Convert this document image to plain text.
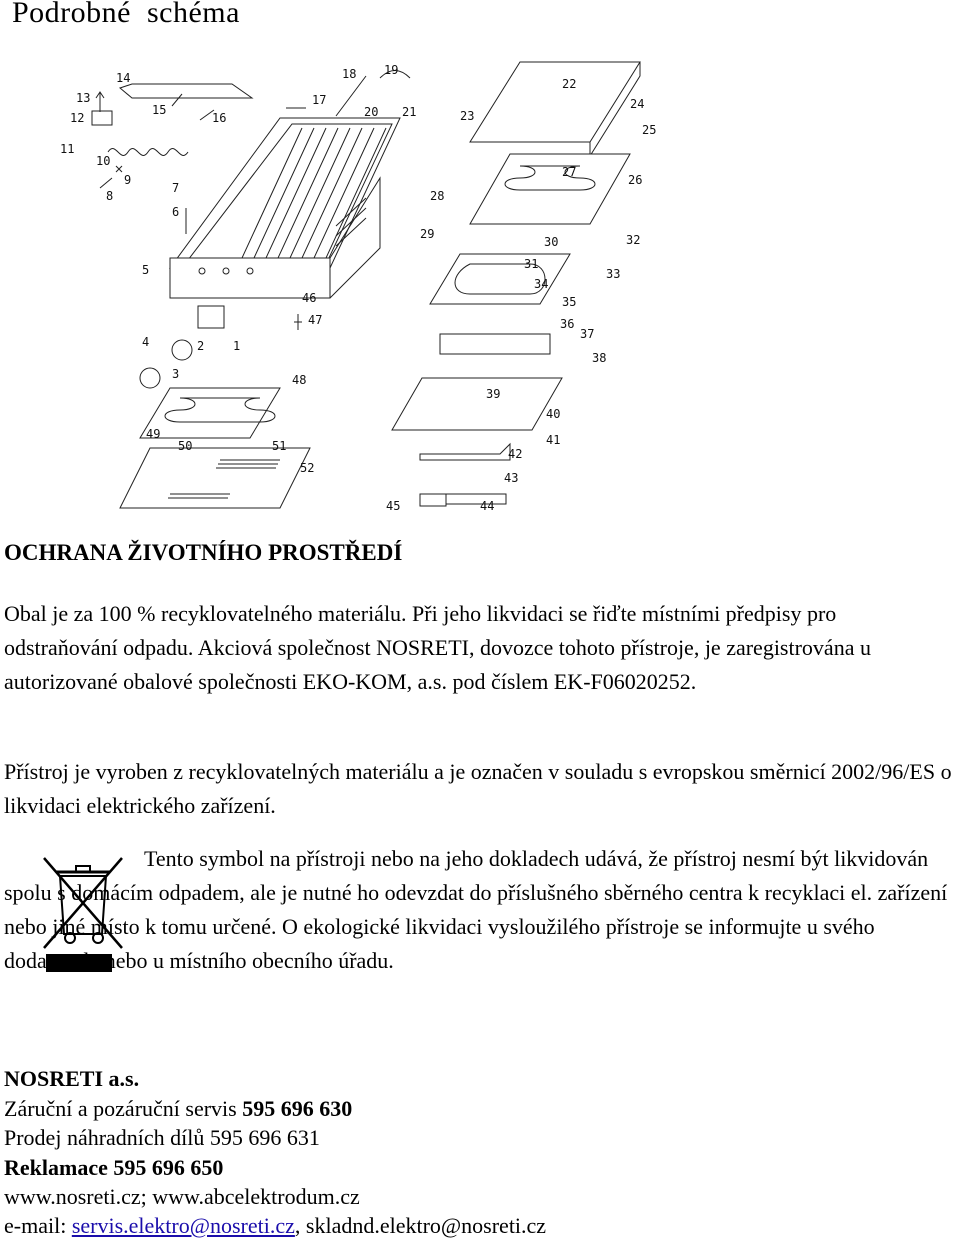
Podrobné  schéma
1
2
3
4
5
6
7
8
9
10
11
12
13
14
15
16
17
18 19
20 21
22
23
24
25
26
27
28
29
30
31
32
33
34
35
36
37
38
39
40
41
42
43
44
45
46
47
48
49
50	51
52
OCHRANA ŽIVOTNÍHO PROSTŘEDÍ

Obal je za 100 % recyklovatelného materiálu. Při jeho likvidaci se řiďte místními předpisy pro odstraňování odpadu. Akciová společnost NOSRETI, dovozce tohoto přístroje, je zaregistrována u autorizované obalové společnosti EKO-KOM, a.s. pod číslem EK-F06020252.

Přístroj je vyroben z recyklovatelných materiálu a je označen v souladu s evropskou směrnicí 2002/96/ES o likvidaci elektrického zařízení.

Tento symbol na přístroji nebo na jeho dokladech udává, že přístroj nesmí být likvidován spolu s domácím odpadem, ale je nutné ho odevzdat do příslušného sběrného centra k recyklaci el. zařízení nebo jiné místo k tomu určené. O ekologické likvidaci vysloužilého přístroje se informujte u svého dodavatele nebo u místního obecního úřadu.

NOSRETI a.s.

Záruční a pozáruční servis 595 696 630

Prodej náhradních dílů 595 696 631

Reklamace 595 696 650

www.nosreti.cz; www.abcelektrodum.cz

e-mail: servis.elektro@nosreti.cz, skladnd.elektro@nosreti.cz
